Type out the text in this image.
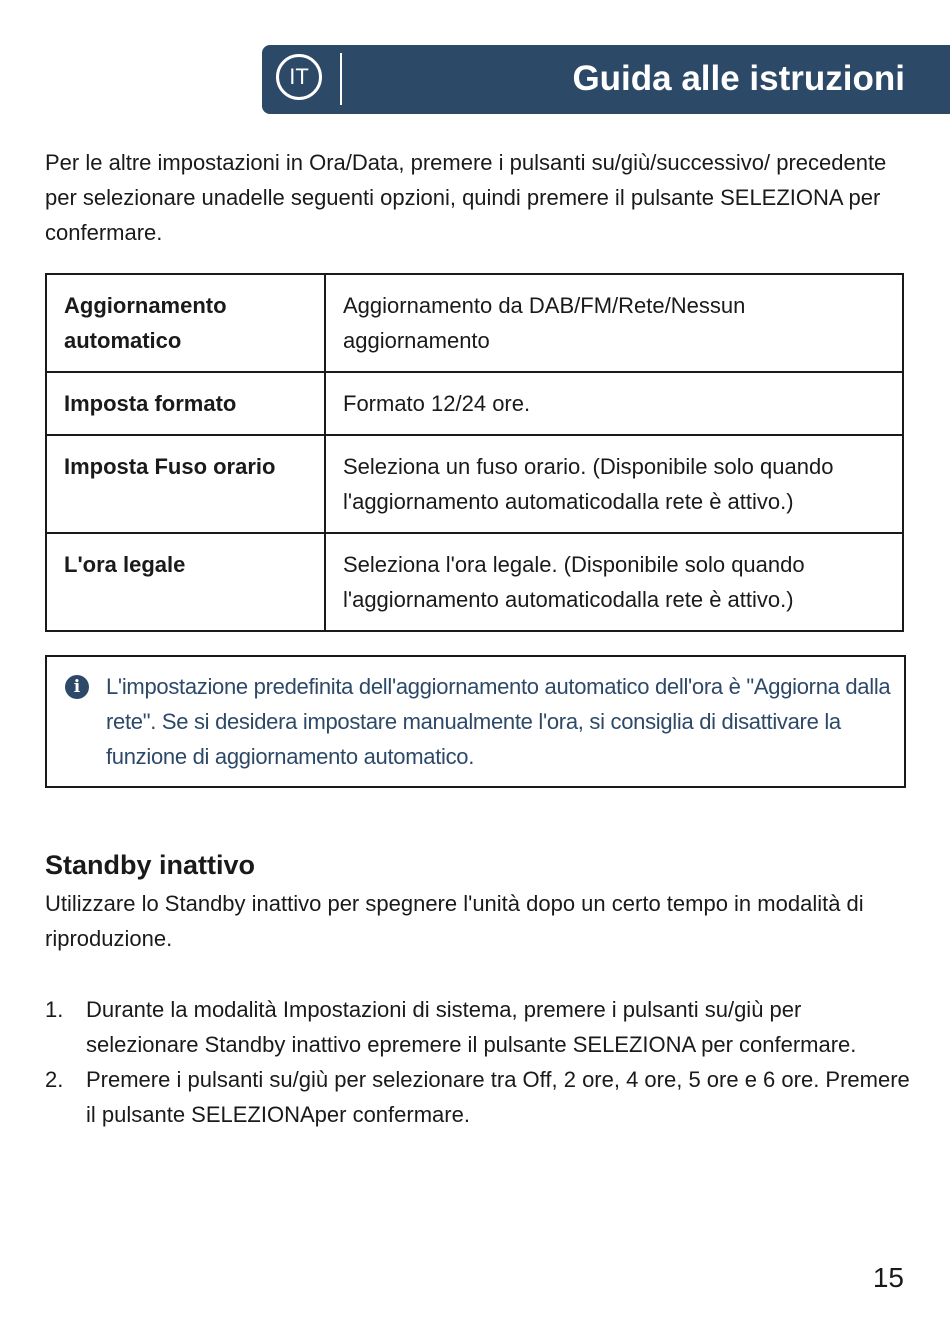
IT	Guida alle istruzioni

Per le altre impostazioni in Ora/Data, premere i pulsanti su/giù/successivo/ precedente per selezionare unadelle seguenti opzioni, quindi premere il pulsante SELEZIONA per confermare.

Aggiornamento automatico	Aggiornamento da DAB/FM/Rete/Nessun aggiornamento
Imposta formato	Formato 12/24 ore.
Imposta Fuso orario	Seleziona un fuso orario. (Disponibile solo quando l'aggiornamento automaticodalla rete è attivo.)
L'ora legale	Seleziona l'ora legale. (Disponibile solo quando l'aggiornamento automaticodalla rete è attivo.)
i	L'impostazione predefinita dell'aggiornamento automatico dell'ora è "Aggiorna dalla rete". Se si desidera impostare manualmente l'ora, si consiglia di disattivare la funzione di aggiornamento automatico.

Standby inattivo

Utilizzare lo Standby inattivo per spegnere l'unità dopo un certo tempo in modalità di riproduzione.

1. Durante la modalità Impostazioni di sistema, premere i pulsanti su/giù per selezionare Standby inattivo epremere il pulsante SELEZIONA per confermare.
2. Premere i pulsanti su/giù per selezionare tra Off, 2 ore, 4 ore, 5 ore e 6 ore. Premere il pulsante SELEZIONAper confermare.
15
